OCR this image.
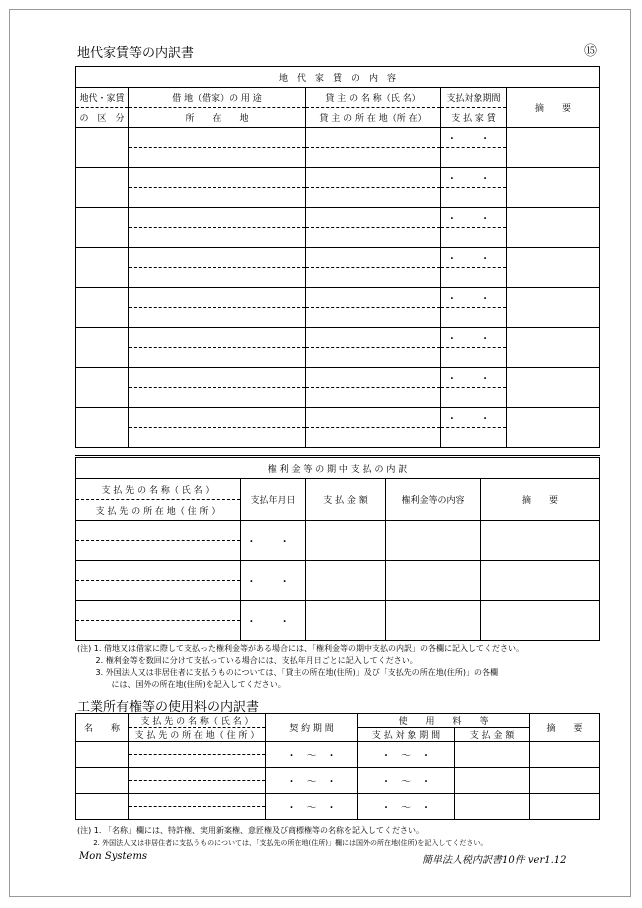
地代家賃等の内訳書	⑮
地　代　家　賃　の　内　容				
地代・家賃	借 地（借家）の 用 途	貸 主 の 名 称（氏 名）	支払対象期間	摘　　要
の　区　分	所　　在　　地	貸 主 の 所 在 地（所 在）	支 払 家 賃	
			・ ・	

			・ ・	

			・ ・	

			・ ・	

			・ ・	

			・ ・	

			・ ・	

			・ ・	

権 利 金 等 の 期 中 支 払 の 内 訳				
支 払 先 の 名 称（ 氏 名 ）	支払年月日	支 払 金 額	権利金等の内容	摘　　要
支 払 先 の 所 在 地（ 住 所 ）				
	・ ・			

	・ ・			

	・ ・			

(注) 1. 借地又は借家に際して支払った権利金等がある場合には、「権利金等の期中支払の内訳」の各欄に記入してください。
　　 2. 権利金等を数回に分けて支払っている場合には、支払年月日ごとに記入してください。
　　 3. 外国法人又は非居住者に支払うものについては、「貸主の所在地(住所)」及び「支払先の所在地(住所)」の各欄
　　　　 には、国外の所在地(住所)を記入してください。
工業所有権等の使用料の内訳書
名　　称	支 払 先 の 名 称（ 氏 名 ）	契 約 期 間	使　　用　　料　　等		摘　　要
	支 払 先 の 所 在 地（ 住 所 ）		支 払 対 象 期 間	支 払 金 額	
		・　～　・	・　～　・		

		・　～　・	・　～　・		

		・　～　・	・　～　・		

(注) 1. 「名称」欄には、特許権、実用新案権、意匠権及び商標権等の名称を記入してください。
　　 2. 外国法人又は非居住者に支払うものについては、「支払先の所在地(住所)」欄には国外の所在地(住所)を記入してください。
Mon Systems	簡単法人税内訳書10件 ver1.12
